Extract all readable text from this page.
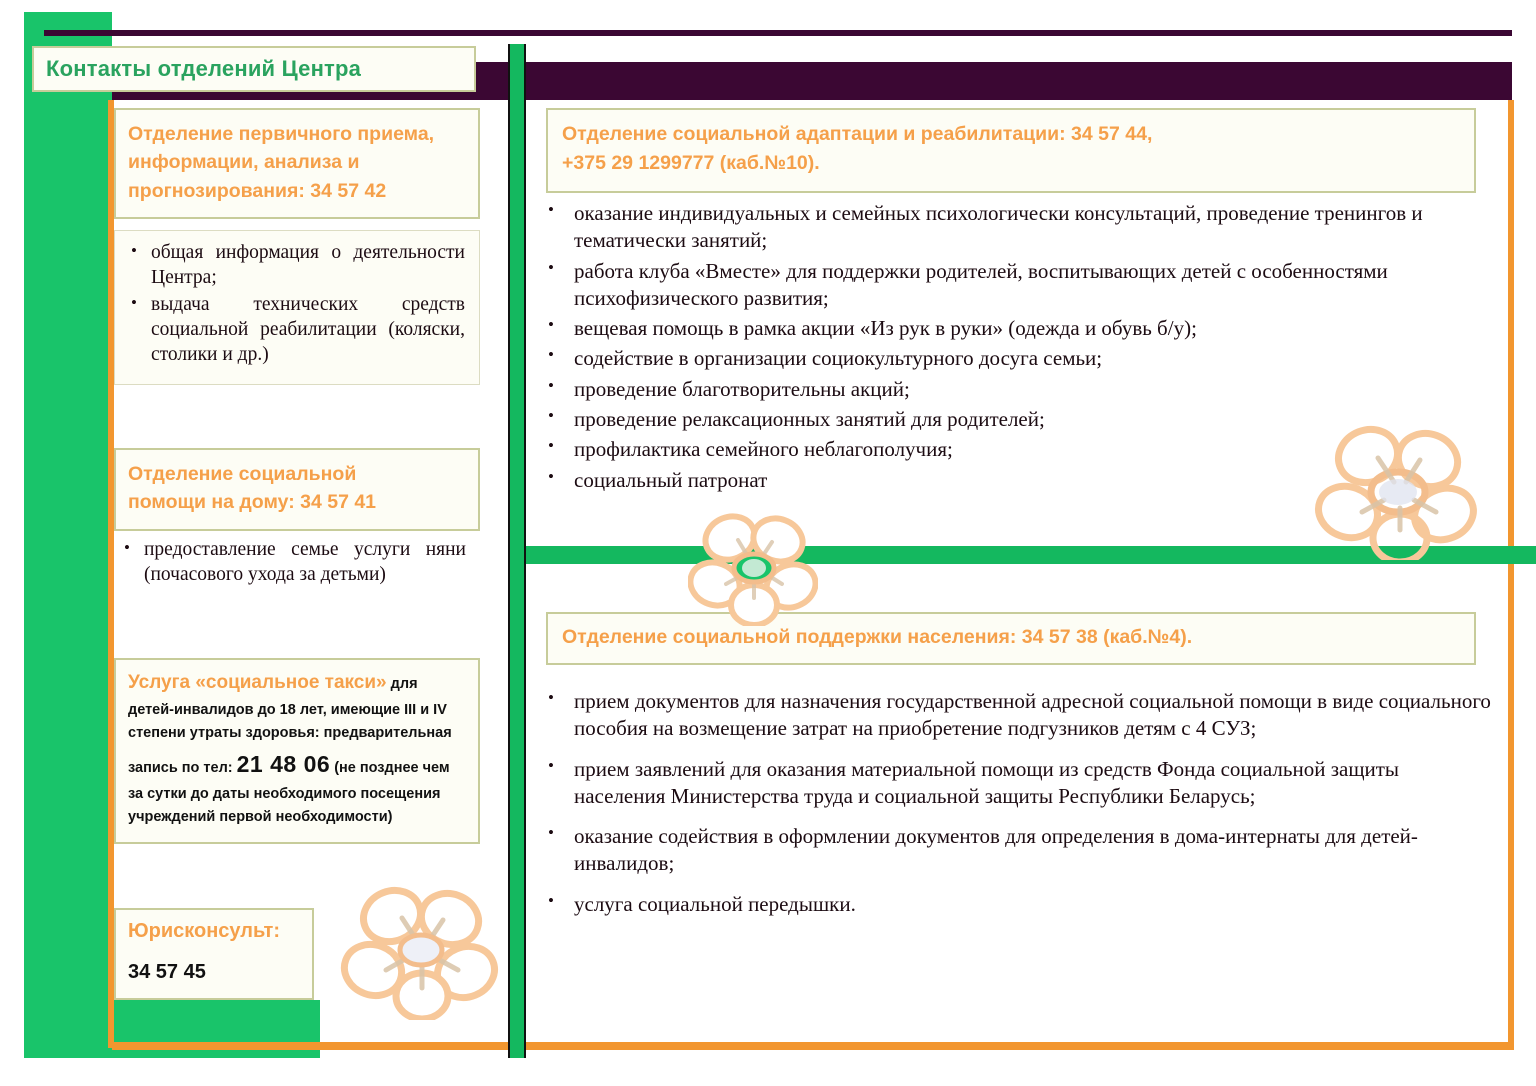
Контакты отделений Центра
Отделение первичного приема,
информации, анализа и
прогнозирования: 34 57 42
• общая информация о деятельности Центра;
• выдача технических средств социальной реабилитации (коляски, столики и др.)
Отделение социальной
помощи на дому: 34 57 41
• предоставление семье услуги няни (почасового ухода за детьми)
Услуга «социальное такси» для детей-инвалидов до 18 лет, имеющие III и IV степени утраты здоровья: предварительная запись по тел: 21 48 06 (не позднее чем за сутки до даты необходимого посещения учреждений первой необходимости)
Юрисконсульт:
34 57 45
Отделение социальной адаптации и реабилитации: 34 57 44,
+375 29 1299777 (каб.№10).
• оказание индивидуальных и семейных психологически консультаций, проведение тренингов и тематически занятий;
• работа клуба «Вместе» для поддержки родителей, воспитывающих детей с особенностями психофизического развития;
• вещевая помощь в рамка акции «Из рук в руки» (одежда и обувь б/у);
• содействие в организации социокультурного досуга семьи;
• проведение благотворительны акций;
• проведение релаксационных занятий для родителей;
• профилактика семейного неблагополучия;
• социальный патронат
Отделение социальной поддержки населения: 34 57 38 (каб.№4).
• прием документов для назначения государственной адресной социальной помощи в виде социального пособия на возмещение затрат на приобретение подгузников детям с 4 СУЗ;
• прием заявлений для оказания материальной помощи из средств Фонда социальной защиты населения Министерства труда и социальной защиты Республики Беларусь;
• оказание содействия в оформлении документов для определения в дома-интернаты для детей-инвалидов;
• услуга социальной передышки.
